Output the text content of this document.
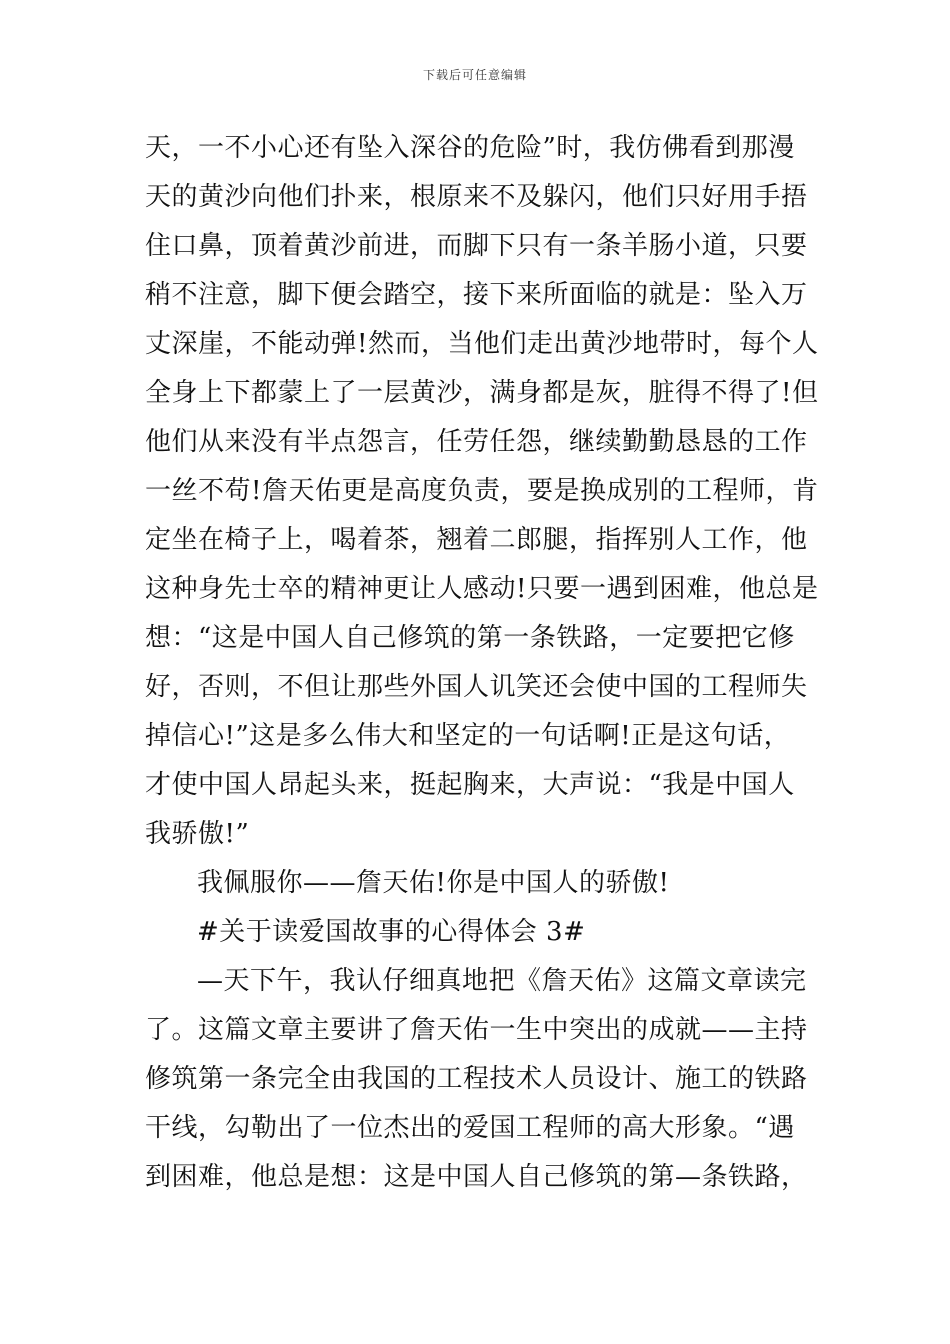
下载后可任意编辑
天，一不小心还有坠入深谷的危险”时，我仿佛看到那漫
天的黄沙向他们扑来，根原来不及躲闪，他们只好用手捂
住口鼻，顶着黄沙前进，而脚下只有一条羊肠小道，只要
稍不注意，脚下便会踏空，接下来所面临的就是：坠入万
丈深崖，不能动弹!然而，当他们走出黄沙地带时，每个人
全身上下都蒙上了一层黄沙，满身都是灰，脏得不得了!但
他们从来没有半点怨言，任劳任怨，继续勤勤恳恳的工作
一丝不苟!詹天佑更是高度负责，要是换成别的工程师，肯
定坐在椅子上，喝着茶，翘着二郎腿，指挥别人工作，他
这种身先士卒的精神更让人感动!只要一遇到困难，他总是
想：“这是中国人自己修筑的第一条铁路，一定要把它修
好，否则，不但让那些外国人讥笑还会使中国的工程师失
掉信心!”这是多么伟大和坚定的一句话啊!正是这句话，
才使中国人昂起头来，挺起胸来，大声说：“我是中国人
我骄傲!”
我佩服你——詹天佑!你是中国人的骄傲!
#关于读爱国故事的心得体会 3#
—天下午，我认仔细真地把《詹天佑》这篇文章读完
了。这篇文章主要讲了詹天佑一生中突出的成就——主持
修筑第一条完全由我国的工程技术人员设计、施工的铁路
干线，勾勒出了一位杰出的爱国工程师的高大形象。“遇
到困难，他总是想：这是中国人自己修筑的第—条铁路，
